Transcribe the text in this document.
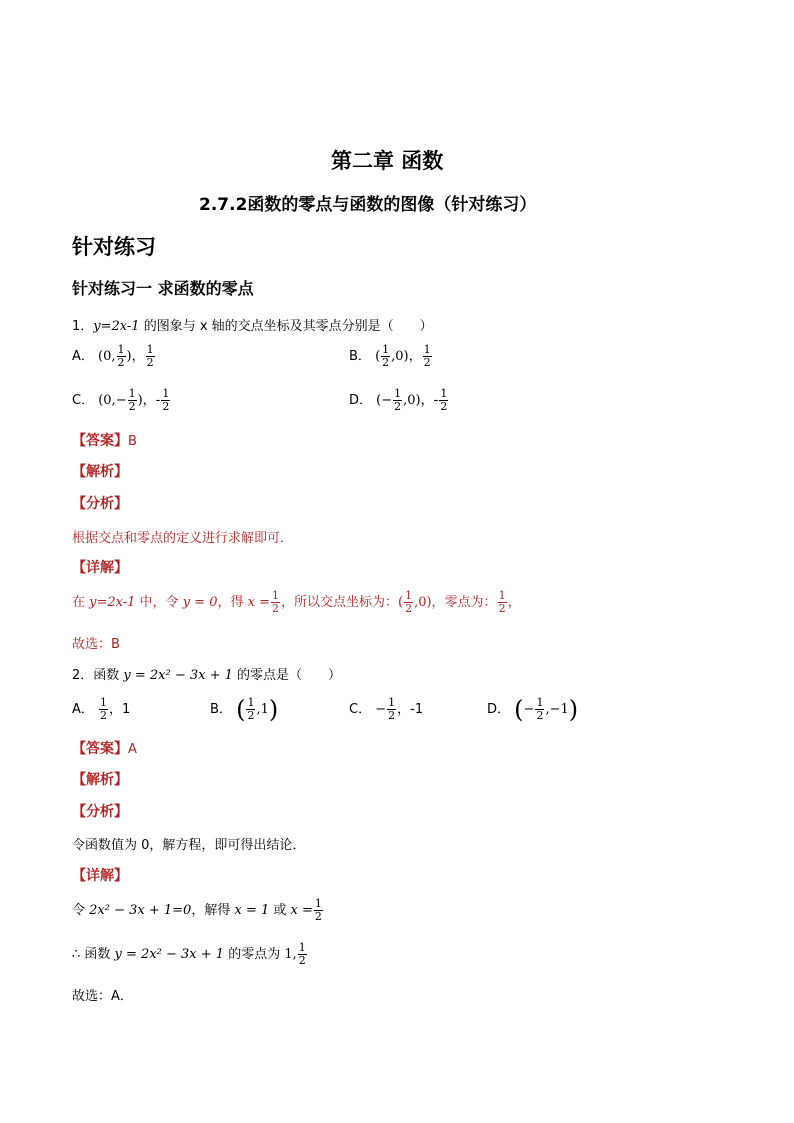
第二章 函数
2.7.2函数的零点与函数的图像（针对练习）
针对练习
针对练习一 求函数的零点
1．y=2x-1 的图象与 x 轴的交点坐标及其零点分别是（　　）
A． (0, $\frac{1}{2}$ )， $\frac{1}{2}$	B． ( $\frac{1}{2} ,0$)， $\frac{1}{2}$
C． ($0,- \frac{1}{2}$ )，- $\frac{1}{2}$	D． (− $\frac{1}{2} ,0$)，- $\frac{1}{2}$
【答案】B
【解析】
【分析】
根据交点和零点的定义进行求解即可．
【详解】
在 y=2x-1 中，令 y = 0，得 $x = \frac{1}{2}$ ，所以交点坐标为：( $\frac{1}{2} ,0$)，零点为： $\frac{1}{2}$ ，
故选：B
2．函数 y = 2x² − 3x + 1 的零点是（　　）
A． $\frac{1}{2}$ ，1	B． ( $\frac{1}{2} ,1$)	C． − $\frac{1}{2}$ ，-1	D． (− $\frac{1}{2} ,-1$)
【答案】A
【解析】
【分析】
令函数值为 0，解方程，即可得出结论．
【详解】
令 2x² − 3x + 1=0，解得 x = 1 或 $x = \frac{1}{2}$
∴ 函数 y = 2x² − 3x + 1 的零点为 1, $\frac{1}{2}$
故选：A．
